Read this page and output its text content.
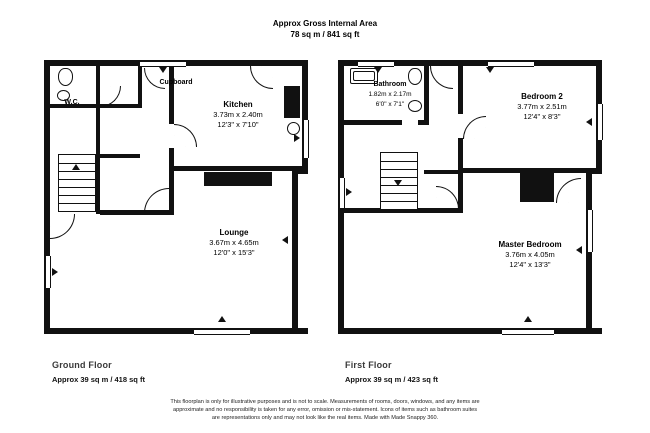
Approx Gross Internal Area
78 sq m / 841 sq ft
Cupboard
W.C.	Kitchen
3.73m x 2.40m
12'3" x 7'10"
Lounge
3.67m x 4.65m
12'0" x 15'3"
Bathroom
1.82m x 2.17m
6'0" x 7'1"
Bedroom 2
3.77m x 2.51m
12'4" x 8'3"
Master Bedroom
3.76m x 4.05m
12'4" x 13'3"
Ground Floor
Approx 39 sq m / 418 sq ft
First Floor
Approx 39 sq m / 423 sq ft
This floorplan is only for illustrative purposes and is not to scale. Measurements of rooms, doors, windows, and any items are
approximate and no responsibility is taken for any error, omission or mis-statement. Icons of items such as bathroom suites
are representations only and may not look like the real items. Made with Made Snappy 360.
